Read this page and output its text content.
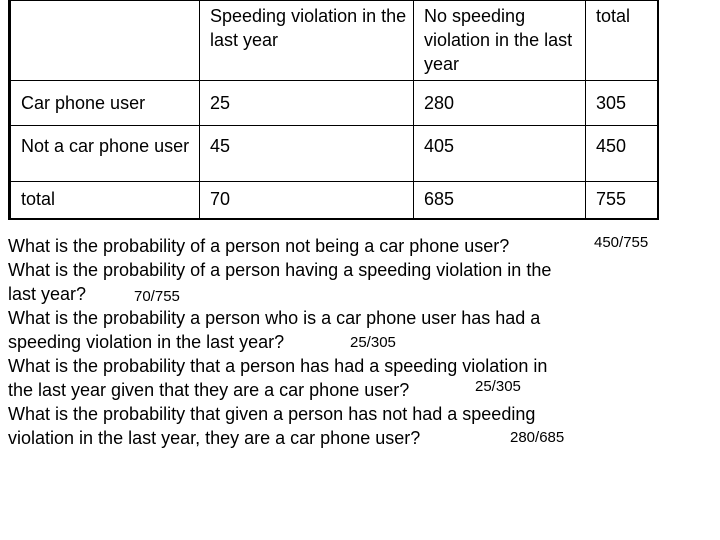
	Speeding violation in the last year	No speeding violation in the last year	total
Car phone user	25	280	305
Not a car phone user	45	405	450
total	70	685	755
What is the probability of a person not being a car phone user?	450/755
What is the probability of a person having a speeding violation in the
last year?	70/755
What is the probability a person who is a car phone user has had a
speeding violation in the last year?	25/305
What is the probability that a person has had a speeding violation in
the last year given that they are a car phone user?	25/305
What is the probability that given a person has not had a speeding
violation in the last year, they are a car phone user?	280/685
